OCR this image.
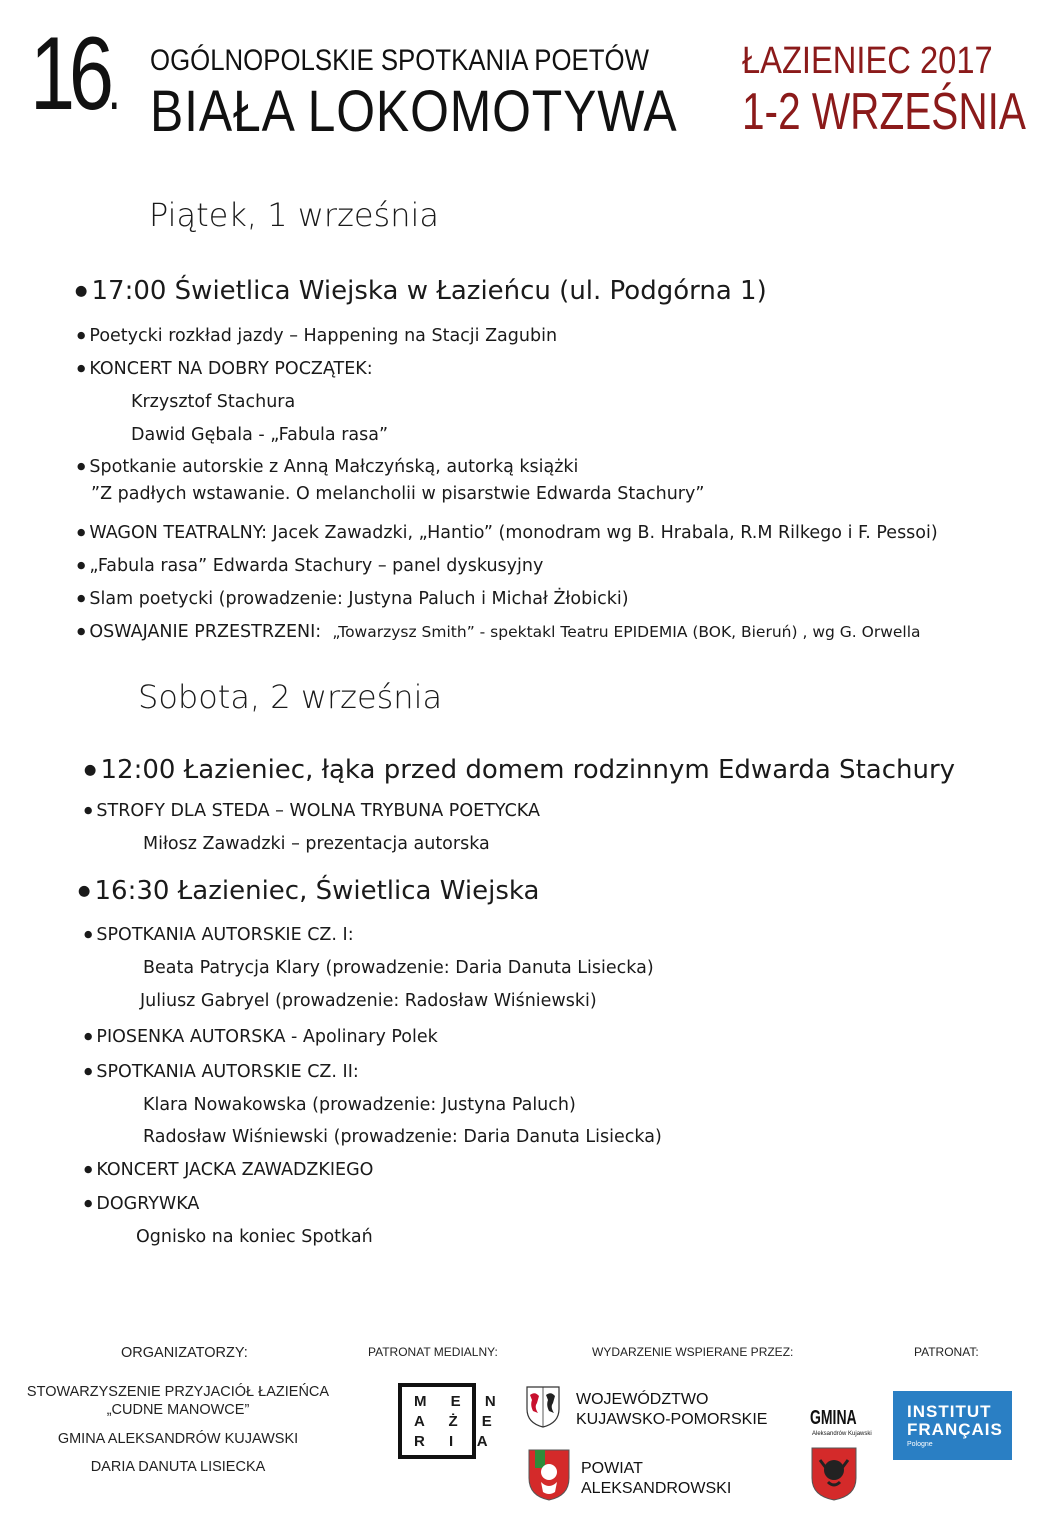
16. OGÓLNOPOLSKIE SPOTKANIA POETÓW
BIAŁA LOKOMOTYWA
ŁAZIENIEC 2017
1-2 WRZEŚNIA
Piątek, 1 września
● 17:00 Świetlica Wiejska w Łazieńcu (ul. Podgórna 1)
● Poetycki rozkład jazdy – Happening na Stacji Zagubin
● KONCERT NA DOBRY POCZĄTEK:
Krzysztof Stachura
Dawid Gębala - „Fabula rasa”
● Spotkanie autorskie z Anną Małczyńską, autorką książki
”Z padłych wstawanie. O melancholii w pisarstwie Edwarda Stachury”
● WAGON TEATRALNY: Jacek Zawadzki, „Hantio” (monodram wg B. Hrabala, R.M Rilkego i F. Pessoi)
● „Fabula rasa” Edwarda Stachury – panel dyskusyjny
● Slam poetycki (prowadzenie: Justyna Paluch i Michał Żłobicki)
● OSWAJANIE PRZESTRZENI: „Towarzysz Smith” - spektakl Teatru EPIDEMIA (BOK, Bieruń) , wg G. Orwella
Sobota, 2 września
● 12:00 Łazieniec, łąka przed domem rodzinnym Edwarda Stachury
● STROFY DLA STEDA – WOLNA TRYBUNA POETYCKA
Miłosz Zawadzki – prezentacja autorska
● 16:30 Łazieniec, Świetlica Wiejska
● SPOTKANIA AUTORSKIE CZ. I:
Beata Patrycja Klary (prowadzenie: Daria Danuta Lisiecka)
Juliusz Gabryel (prowadzenie: Radosław Wiśniewski)
● PIOSENKA AUTORSKA - Apolinary Polek
● SPOTKANIA AUTORSKIE CZ. II:
Klara Nowakowska (prowadzenie: Justyna Paluch)
Radosław Wiśniewski (prowadzenie: Daria Danuta Lisiecka)
● KONCERT JACKA ZAWADZKIEGO
● DOGRYWKA
Ognisko na koniec Spotkań
ORGANIZATORZY:	PATRONAT MEDIALNY:	WYDARZENIE WSPIERANE PRZEZ:	PATRONAT:
STOWARZYSZENIE PRZYJACIÓŁ ŁAZIEŃCA
„CUDNE MANOWCE”
GMINA ALEKSANDRÓW KUJAWSKI
DARIA DANUTA LISIECKA
M E N
A Ż E
R I A
WOJEWÓDZTWO
KUJAWSKO-POMORSKIE
POWIAT
ALEKSANDROWSKI
GMINA
Aleksandrów Kujawski
INSTITUT
FRANÇAIS
Pologne
